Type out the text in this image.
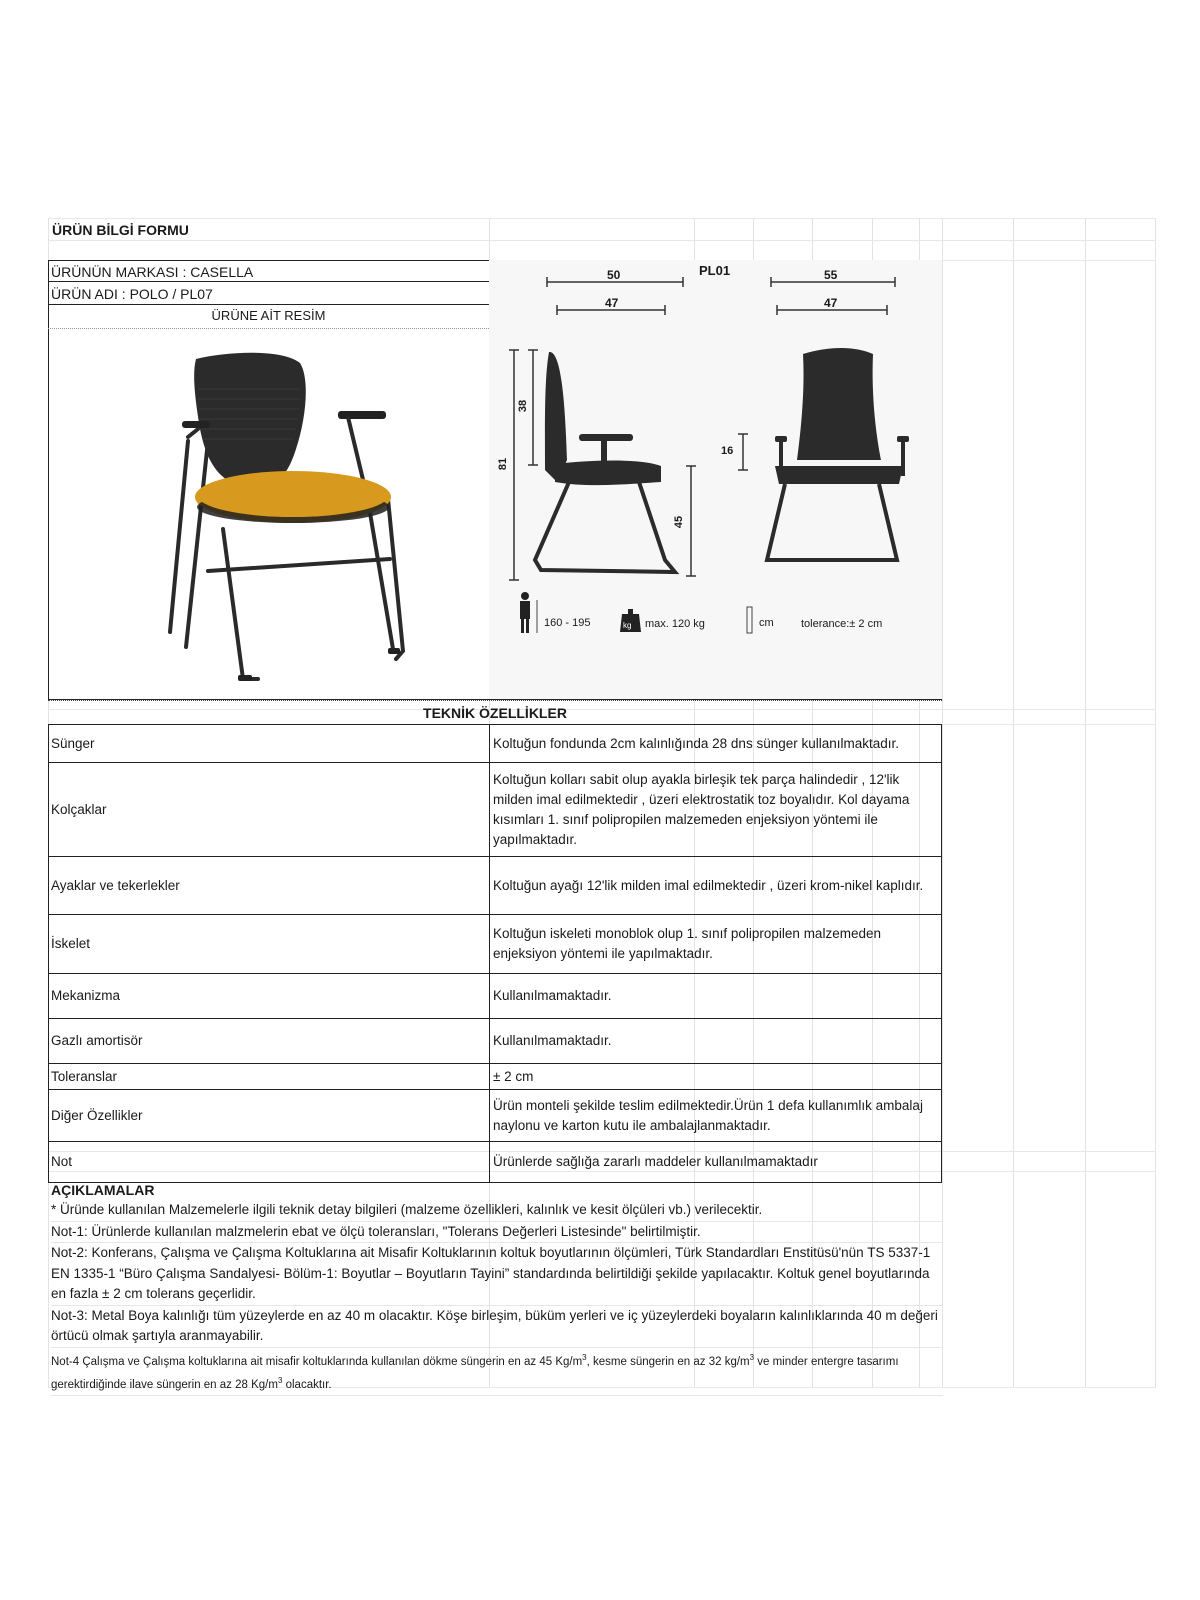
ÜRÜN BİLGİ FORMU
ÜRÜNÜN MARKASI : CASELLA
ÜRÜN ADI : POLO / PL07
ÜRÜNE AİT RESİM
PL01
50
47
55
47
38
81
45
16
160 - 195	kg max. 120 kg	cm tolerance:± 2 cm
TEKNİK ÖZELLİKLER
Sünger	Koltuğun fondunda 2cm kalınlığında 28 dns sünger kullanılmaktadır.
Kolçaklar	Koltuğun kolları sabit olup ayakla birleşik tek parça halindedir , 12'lik milden imal edilmektedir , üzeri elektrostatik toz boyalıdır. Kol dayama kısımları 1. sınıf polipropilen malzemeden enjeksiyon yöntemi ile yapılmaktadır.
Ayaklar ve tekerlekler	Koltuğun ayağı 12'lik milden imal edilmektedir , üzeri krom-nikel kaplıdır.
İskelet	Koltuğun iskeleti monoblok olup 1. sınıf polipropilen malzemeden enjeksiyon yöntemi ile yapılmaktadır.
Mekanizma	Kullanılmamaktadır.
Gazlı amortisör	Kullanılmamaktadır.
Toleranslar	± 2 cm
Diğer Özellikler	Ürün monteli şekilde teslim edilmektedir.Ürün 1 defa kullanımlık ambalaj naylonu ve karton kutu ile ambalajlanmaktadır.
Not	Ürünlerde sağlığa zararlı maddeler kullanılmamaktadır
AÇIKLAMALAR

* Üründe kullanılan Malzemelerle ilgili teknik detay bilgileri (malzeme özellikleri, kalınlık ve kesit ölçüleri vb.) verilecektir.

Not-1: Ürünlerde kullanılan malzmelerin ebat ve ölçü toleransları, "Tolerans Değerleri Listesinde" belirtilmiştir.

Not-2: Konferans, Çalışma ve Çalışma Koltuklarına ait Misafir Koltuklarının koltuk boyutlarının ölçümleri, Türk Standardları Enstitüsü'nün TS 5337-1 EN 1335-1 “Büro Çalışma Sandalyesi- Bölüm-1: Boyutlar – Boyutların Tayini” standardında belirtildiği şekilde yapılacaktır. Koltuk genel boyutlarında en fazla ± 2 cm tolerans geçerlidir.

Not-3: Metal Boya kalınlığı tüm yüzeylerde en az 40 m olacaktır. Köşe birleşim, büküm yerleri ve iç yüzeylerdeki boyaların kalınlıklarında 40 m değeri örtücü olmak şartıyla aranmayabilir.

Not-4 Çalışma ve Çalışma koltuklarına ait misafir koltuklarında kullanılan dökme süngerin en az 45 $Kg/m^3$, kesme süngerin en az 32 $kg/m^3$ ve minder entergre tasarımı gerektirdiğinde ilave süngerin en az 28 $Kg/m^3$ olacaktır.
